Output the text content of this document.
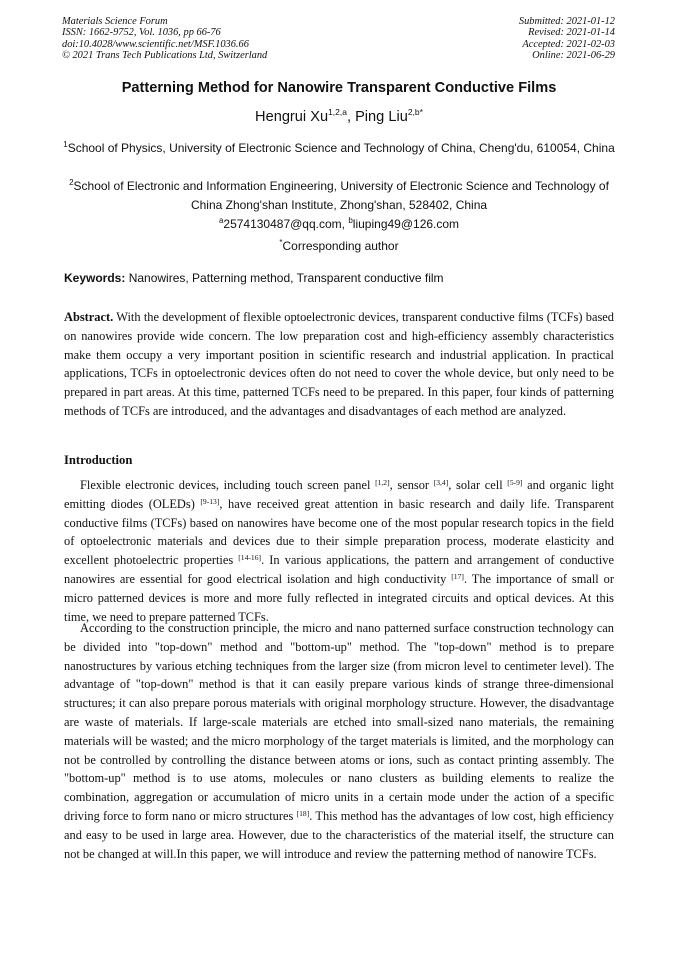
Materials Science Forum
ISSN: 1662-9752, Vol. 1036, pp 66-76
doi:10.4028/www.scientific.net/MSF.1036.66
© 2021 Trans Tech Publications Ltd, Switzerland
Submitted: 2021-01-12
Revised: 2021-01-14
Accepted: 2021-02-03
Online: 2021-06-29
Patterning Method for Nanowire Transparent Conductive Films
Hengrui Xu$^{1,2,a}$, Ping Liu$^{2,b*}$
$^1$School of Physics, University of Electronic Science and Technology of China, Cheng'du, 610054, China
$^2$School of Electronic and Information Engineering, University of Electronic Science and Technology of China Zhong'shan Institute, Zhong'shan, 528402, China
$^a$2574130487@qq.com, $^b$liuping49@126.com
*Corresponding author
Keywords: Nanowires, Patterning method, Transparent conductive film
Abstract. With the development of flexible optoelectronic devices, transparent conductive films (TCFs) based on nanowires provide wide concern. The low preparation cost and high-efficiency assembly characteristics make them occupy a very important position in scientific research and industrial application. In practical applications, TCFs in optoelectronic devices often do not need to cover the whole device, but only need to be prepared in part areas. At this time, patterned TCFs need to be prepared. In this paper, four kinds of patterning methods of TCFs are introduced, and the advantages and disadvantages of each method are analyzed.
Introduction
Flexible electronic devices, including touch screen panel [1,2], sensor [3,4], solar cell [5-9] and organic light emitting diodes (OLEDs) [9-13], have received great attention in basic research and daily life. Transparent conductive films (TCFs) based on nanowires have become one of the most popular research topics in the field of optoelectronic materials and devices due to their simple preparation process, moderate elasticity and excellent photoelectric properties [14-16]. In various applications, the pattern and arrangement of conductive nanowires are essential for good electrical isolation and high conductivity [17]. The importance of small or micro patterned devices is more and more fully reflected in integrated circuits and optical devices. At this time, we need to prepare patterned TCFs.
According to the construction principle, the micro and nano patterned surface construction technology can be divided into "top-down" method and "bottom-up" method. The "top-down" method is to prepare nanostructures by various etching techniques from the larger size (from micron level to centimeter level). The advantage of "top-down" method is that it can easily prepare various kinds of strange three-dimensional structures; it can also prepare porous materials with original morphology structure. However, the disadvantage are waste of materials. If large-scale materials are etched into small-sized nano materials, the remaining materials will be wasted; and the micro morphology of the target materials is limited, and the morphology can not be controlled by controlling the distance between atoms or ions, such as contact printing assembly. The "bottom-up" method is to use atoms, molecules or nano clusters as building elements to realize the combination, aggregation or accumulation of micro units in a certain mode under the action of a specific driving force to form nano or micro structures [18]. This method has the advantages of low cost, high efficiency and easy to be used in large area. However, due to the characteristics of the material itself, the structure can not be changed at will.In this paper, we will introduce and review the patterning method of nanowire TCFs.
